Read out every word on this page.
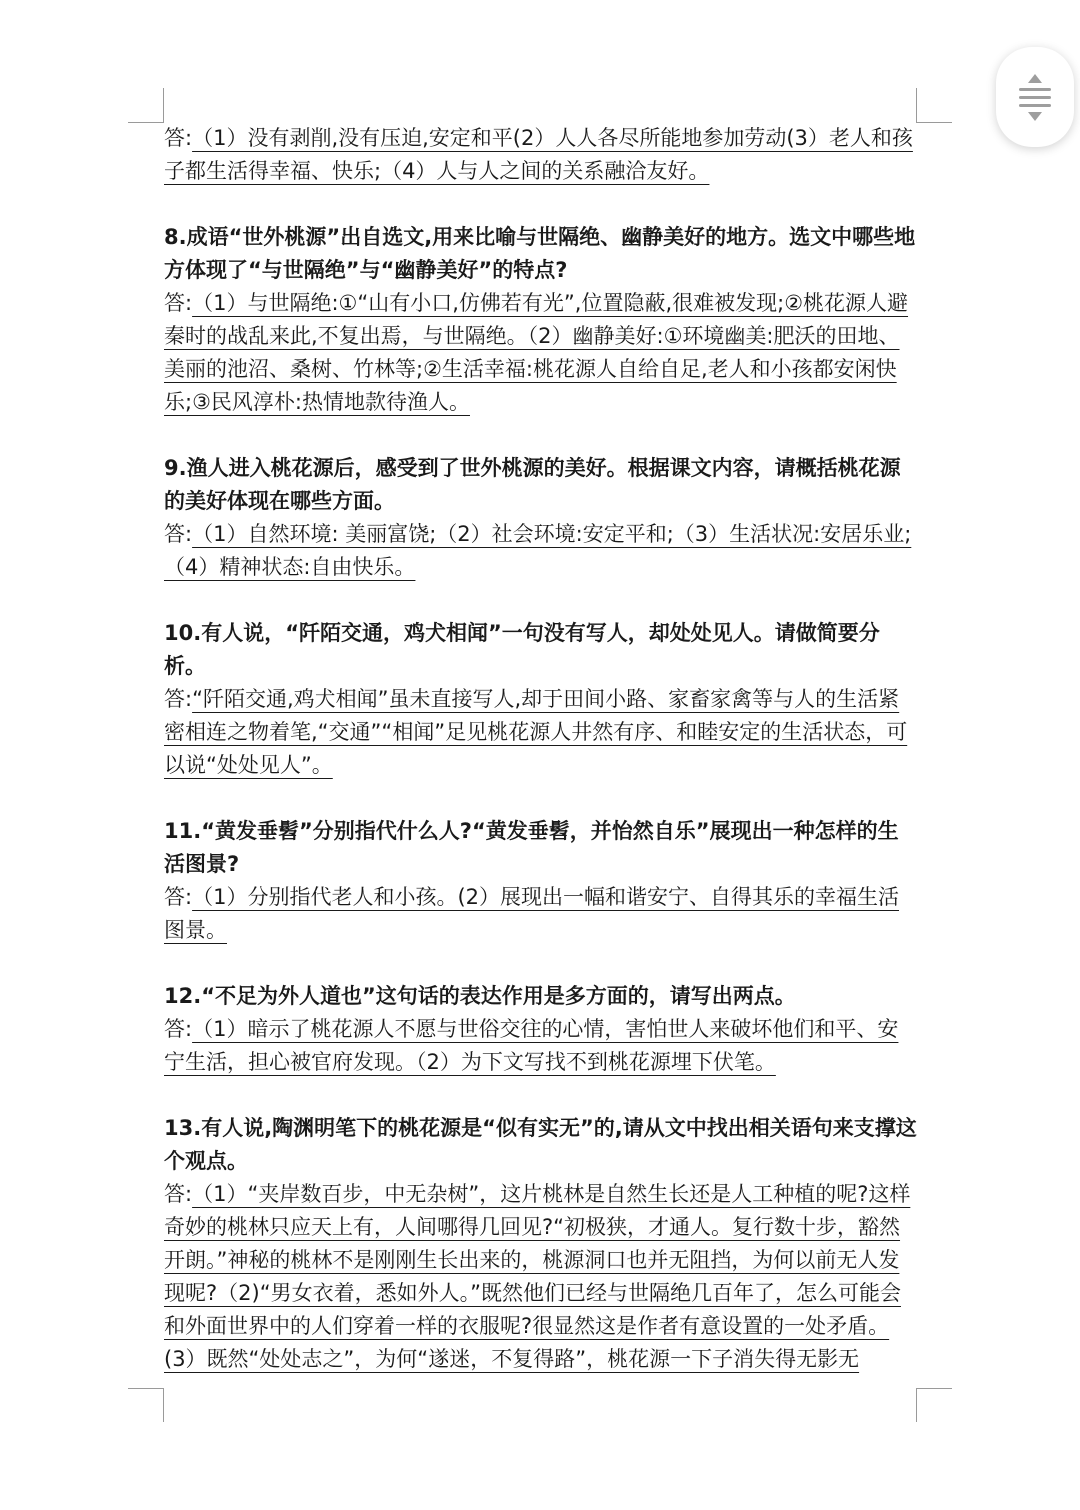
答:（1）没有剥削,没有压迫,安定和平(2）人人各尽所能地参加劳动(3）老人和孩子都生活得幸福、快乐;（4）人与人之间的关系融洽友好。

8.成语“世外桃源”出自选文,用来比喻与世隔绝、幽静美好的地方。选文中哪些地方体现了“与世隔绝”与“幽静美好”的特点?

答:（1）与世隔绝:①“山有小口,仿佛若有光”,位置隐蔽,很难被发现;②桃花源人避秦时的战乱来此,不复出焉，与世隔绝。（2）幽静美好:①环境幽美:肥沃的田地、美丽的池沼、桑树、竹林等;②生活幸福:桃花源人自给自足,老人和小孩都安闲快乐;③民风淳朴:热情地款待渔人。

9.渔人进入桃花源后，感受到了世外桃源的美好。根据课文内容，请概括桃花源的美好体现在哪些方面。

答:（1）自然环境: 美丽富饶;（2）社会环境:安定平和;（3）生活状况:安居乐业;（4）精神状态:自由快乐。

10.有人说，“阡陌交通，鸡犬相闻”一句没有写人，却处处见人。请做简要分析。

答:“阡陌交通,鸡犬相闻”虽未直接写人,却于田间小路、家畜家禽等与人的生活紧密相连之物着笔,“交通”“相闻”足见桃花源人井然有序、和睦安定的生活状态，可以说“处处见人”。

11.“黄发垂髫”分别指代什么人?“黄发垂髫，并怡然自乐”展现出一种怎样的生活图景?

答:（1）分别指代老人和小孩。(2）展现出一幅和谐安宁、自得其乐的幸福生活图景。

12.“不足为外人道也”这句话的表达作用是多方面的，请写出两点。

答:（1）暗示了桃花源人不愿与世俗交往的心情，害怕世人来破坏他们和平、安宁生活，担心被官府发现。（2）为下文写找不到桃花源埋下伏笔。

13.有人说,陶渊明笔下的桃花源是“似有实无”的,请从文中找出相关语句来支撑这个观点。

答:（1）“夹岸数百步，中无杂树”，这片桃林是自然生长还是人工种植的呢?这样奇妙的桃林只应天上有，人间哪得几回见?“初极狭，才通人。复行数十步，豁然开朗。”神秘的桃林不是刚刚生长出来的，桃源洞口也并无阻挡，为何以前无人发现呢?（2)“男女衣着，悉如外人。”既然他们已经与世隔绝几百年了，怎么可能会和外面世界中的人们穿着一样的衣服呢?很显然这是作者有意设置的一处矛盾。(3）既然“处处志之”，为何“遂迷，不复得路”，桃花源一下子消失得无影无
